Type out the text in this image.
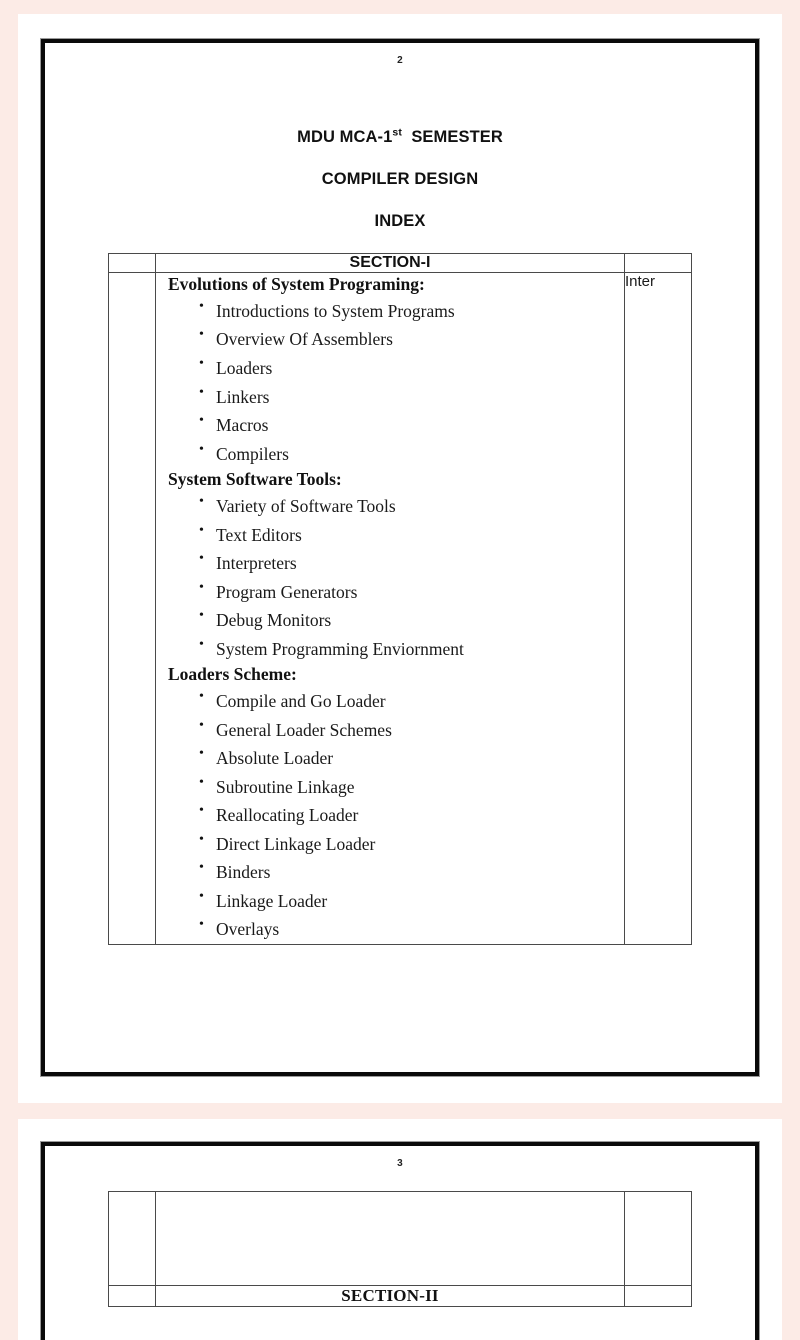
2
MDU MCA-1st  SEMESTER
COMPILER DESIGN
INDEX
	SECTION-I	

Evolutions of System Programing:
• Introductions to System Programs
• Overview Of Assemblers
• Loaders
• Linkers
• Macros
• Compilers
System Software Tools:
• Variety of Software Tools
• Text Editors
• Interpreters
• Program Generators
• Debug Monitors
• System Programming Enviornment
Loaders Scheme:
• Compile and Go Loader
• General Loader Schemes
• Absolute Loader
• Subroutine Linkage
• Reallocating Loader
• Direct Linkage Loader
• Binders
• Linkage Loader
• Overlays
	Inter
3

	SECTION-II	
